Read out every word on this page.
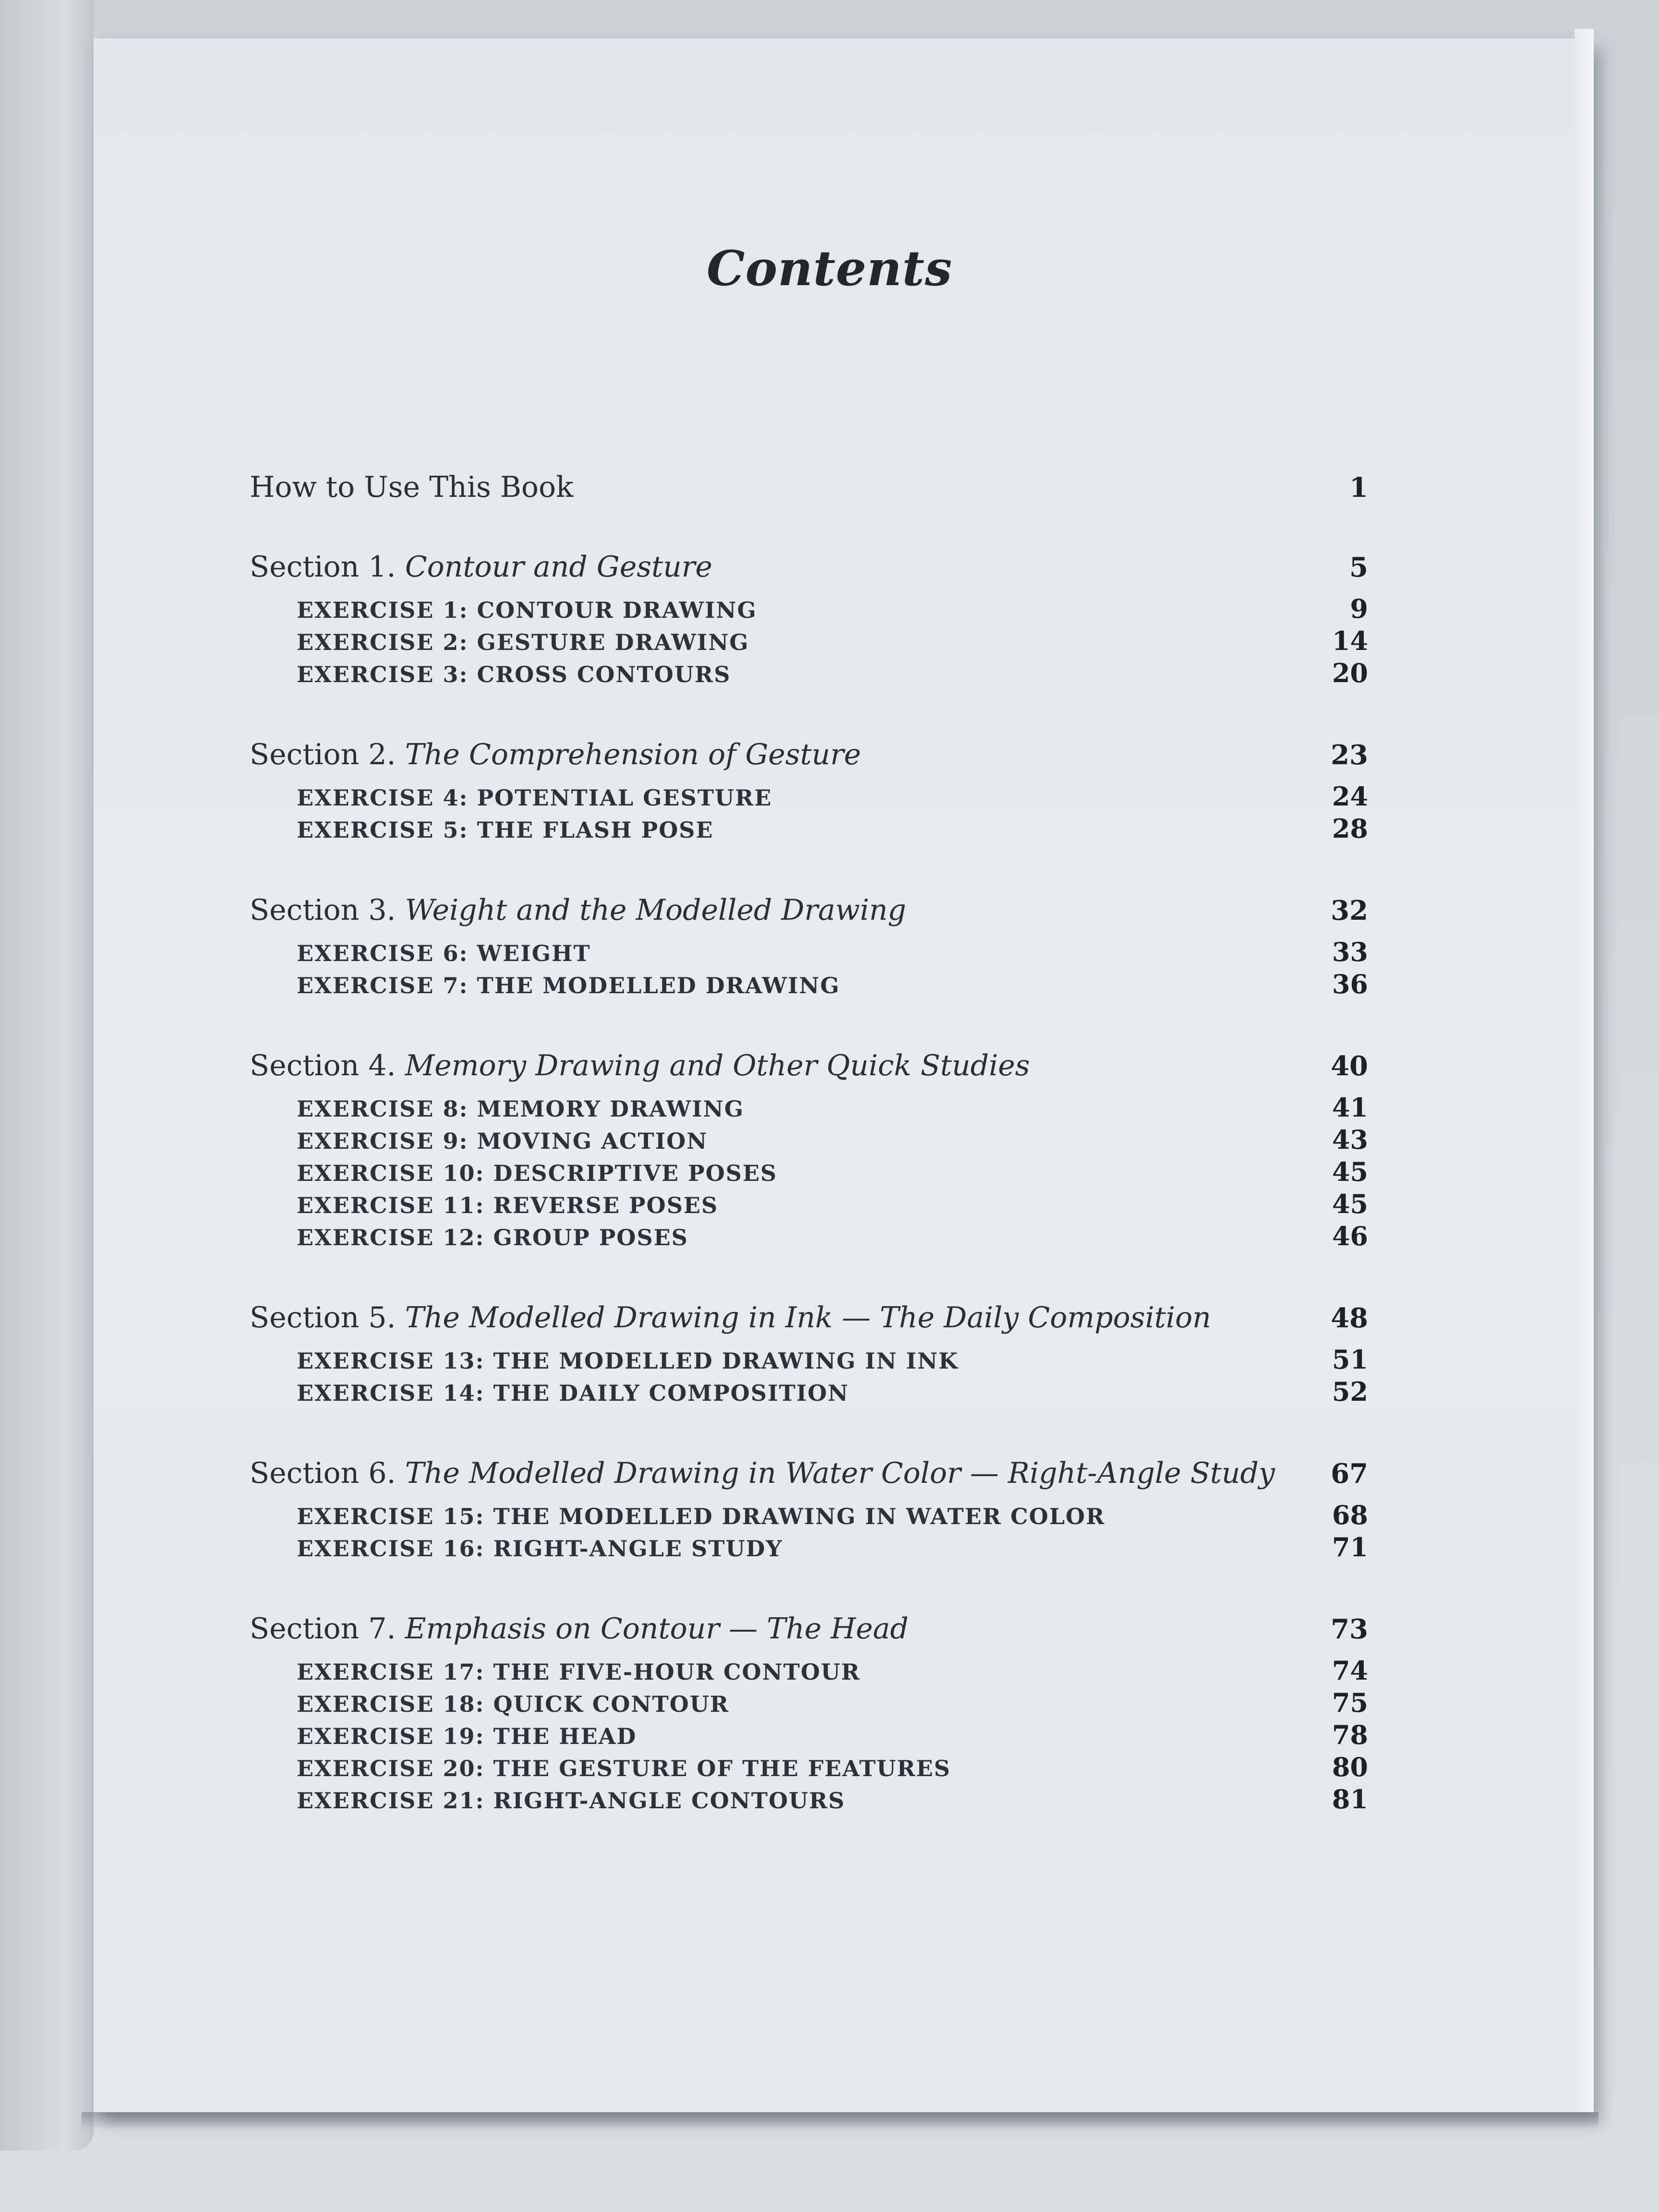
Contents
How to Use This Book	1
Section 1. Contour and Gesture	5
EXERCISE 1: CONTOUR DRAWING	9
EXERCISE 2: GESTURE DRAWING	14
EXERCISE 3: CROSS CONTOURS	20
Section 2. The Comprehension of Gesture	23
EXERCISE 4: POTENTIAL GESTURE	24
EXERCISE 5: THE FLASH POSE	28
Section 3. Weight and the Modelled Drawing	32
EXERCISE 6: WEIGHT	33
EXERCISE 7: THE MODELLED DRAWING	36
Section 4. Memory Drawing and Other Quick Studies	40
EXERCISE 8: MEMORY DRAWING	41
EXERCISE 9: MOVING ACTION	43
EXERCISE 10: DESCRIPTIVE POSES	45
EXERCISE 11: REVERSE POSES	45
EXERCISE 12: GROUP POSES	46
Section 5. The Modelled Drawing in Ink — The Daily Composition	48
EXERCISE 13: THE MODELLED DRAWING IN INK	51
EXERCISE 14: THE DAILY COMPOSITION	52
Section 6. The Modelled Drawing in Water Color — Right-Angle Study 67
EXERCISE 15: THE MODELLED DRAWING IN WATER COLOR	68
EXERCISE 16: RIGHT-ANGLE STUDY	71
Section 7. Emphasis on Contour — The Head	73
EXERCISE 17: THE FIVE-HOUR CONTOUR	74
EXERCISE 18: QUICK CONTOUR	75
EXERCISE 19: THE HEAD	78
EXERCISE 20: THE GESTURE OF THE FEATURES	80
EXERCISE 21: RIGHT-ANGLE CONTOURS	81
